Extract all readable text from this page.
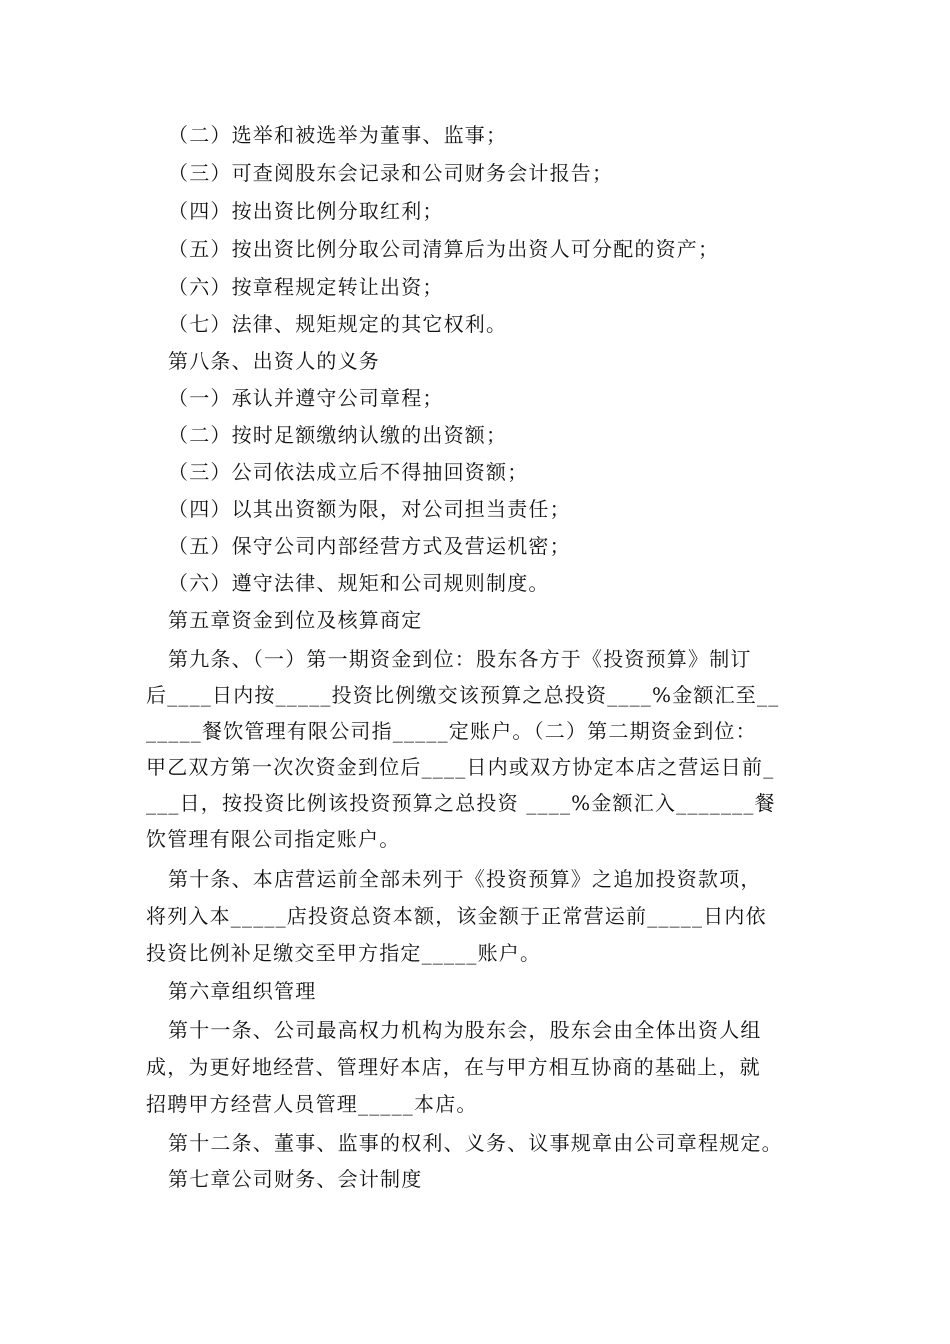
（二）选举和被选举为董事、监事；
（三）可查阅股东会记录和公司财务会计报告；
（四）按出资比例分取红利；
（五）按出资比例分取公司清算后为出资人可分配的资产；
（六）按章程规定转让出资；
（七）法律、规矩规定的其它权利。
第八条、出资人的义务
（一）承认并遵守公司章程；
（二）按时足额缴纳认缴的出资额；
（三）公司依法成立后不得抽回资额；
（四）以其出资额为限，对公司担当责任；
（五）保守公司内部经营方式及营运机密；
（六）遵守法律、规矩和公司规则制度。
第五章资金到位及核算商定
第九条、（一）第一期资金到位：股东各方于《投资预算》制订
后____日内按_____投资比例缴交该预算之总投资____%金额汇至__
_____餐饮管理有限公司指_____定账户。（二）第二期资金到位：
甲乙双方第一次次资金到位后____日内或双方协定本店之营运日前_
___日，按投资比例该投资预算之总投资 ____%金额汇入_______餐
饮管理有限公司指定账户。
第十条、本店营运前全部未列于《投资预算》之追加投资款项，
将列入本_____店投资总资本额，该金额于正常营运前_____日内依
投资比例补足缴交至甲方指定_____账户。
第六章组织管理
第十一条、公司最高权力机构为股东会，股东会由全体出资人组
成，为更好地经营、管理好本店，在与甲方相互协商的基础上，就
招聘甲方经营人员管理_____本店。
第十二条、董事、监事的权利、义务、议事规章由公司章程规定。
第七章公司财务、会计制度
